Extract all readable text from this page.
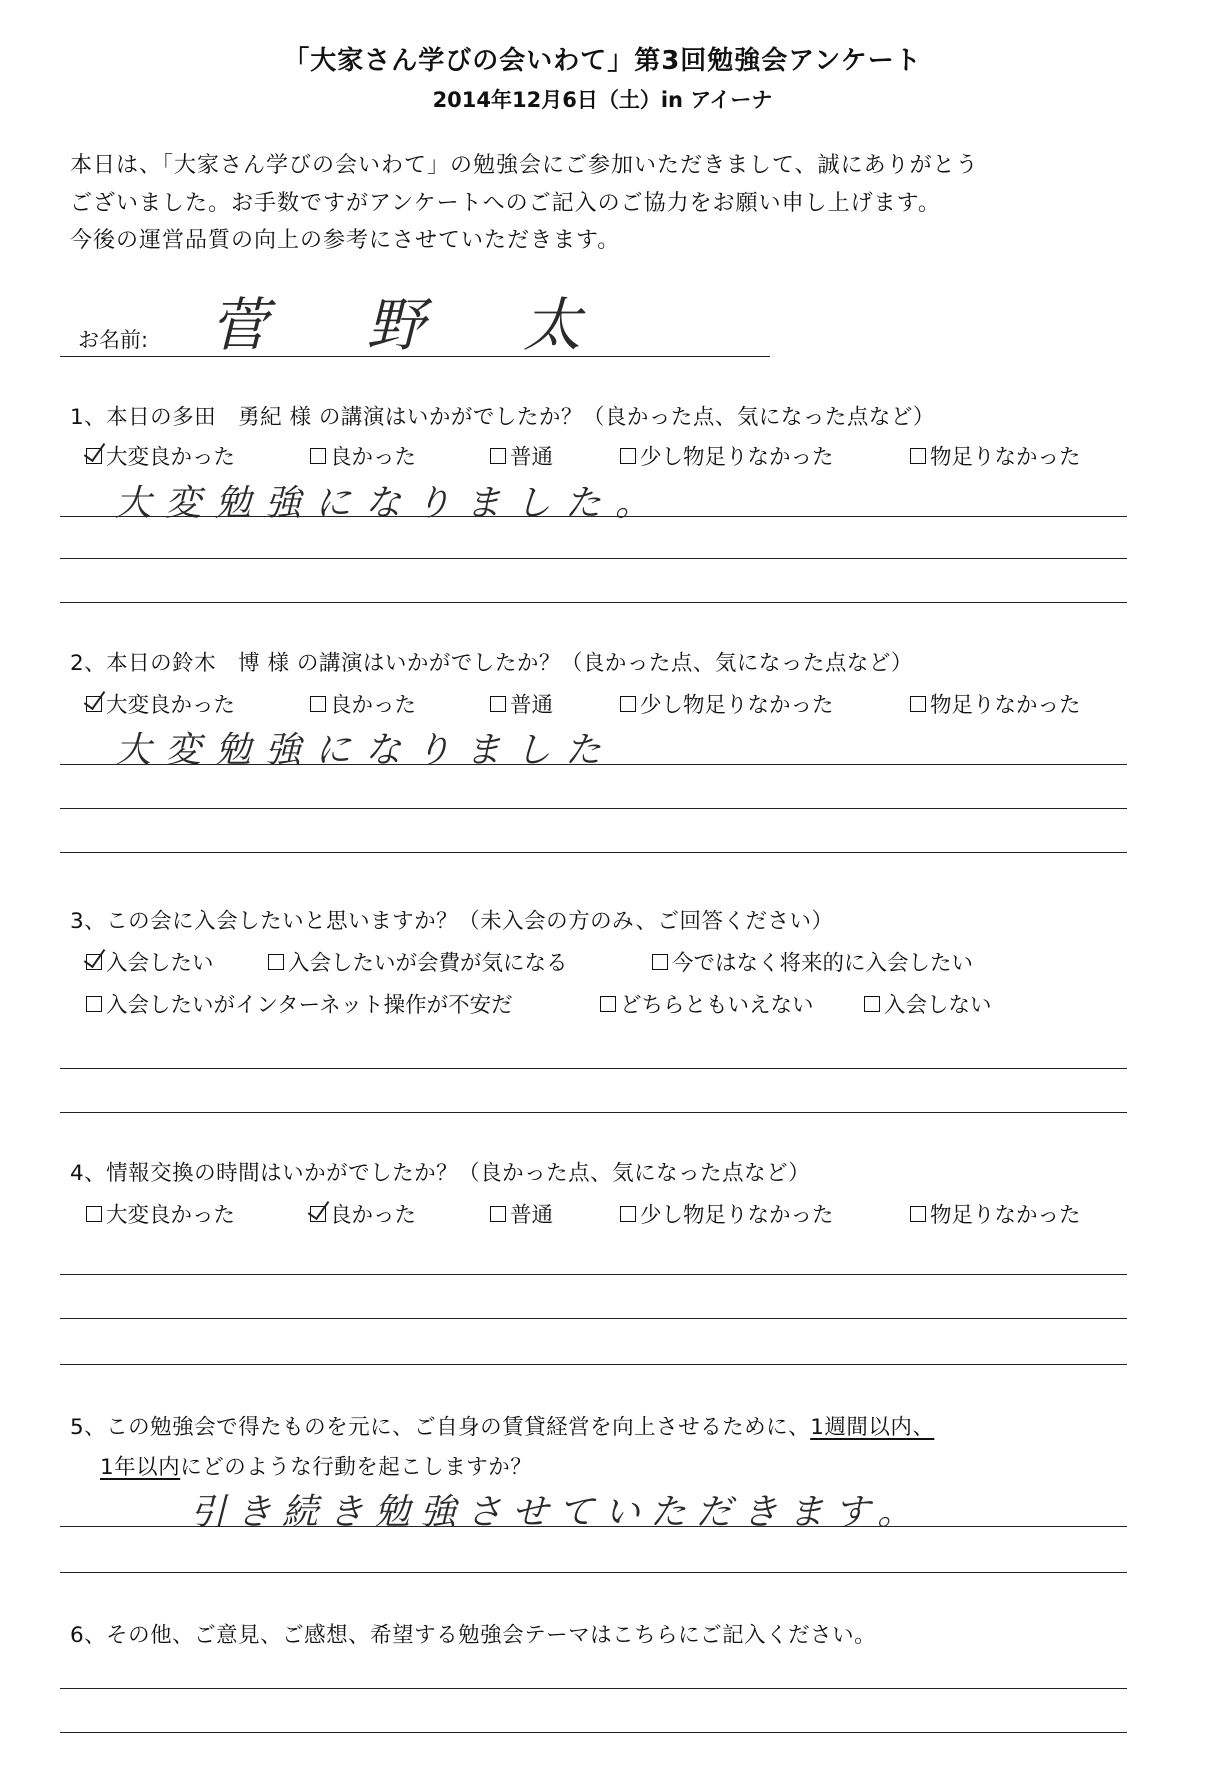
「大家さん学びの会いわて」第3回勉強会アンケート
2014年12月6日（土）in アイーナ
本日は、「大家さん学びの会いわて」の勉強会にご参加いただきまして、誠にありがとう
ございました。お手数ですがアンケートへのご記入のご協力をお願い申し上げます。
今後の運営品質の向上の参考にさせていただきます。
お名前: 菅 野 太
1、本日の多田　勇紀 様 の講演はいかがでしたか？（良かった点、気になった点など）
大変良かった	良かった	普通	少し物足りなかった	物足りなかった
大変勉強になりました。
2、本日の鈴木　博 様 の講演はいかがでしたか？（良かった点、気になった点など）
大変良かった	良かった	普通	少し物足りなかった	物足りなかった
大変勉強になりました
3、この会に入会したいと思いますか？（未入会の方のみ、ご回答ください）
入会したい	入会したいが会費が気になる	今ではなく将来的に入会したい
入会したいがインターネット操作が不安だ	どちらともいえない	入会しない
4、情報交換の時間はいかがでしたか？（良かった点、気になった点など）
大変良かった	良かった	普通	少し物足りなかった	物足りなかった
5、この勉強会で得たものを元に、ご自身の賃貸経営を向上させるために、1週間以内、
1年以内にどのような行動を起こしますか？
引き続き勉強させていただきます。
6、その他、ご意見、ご感想、希望する勉強会テーマはこちらにご記入ください。
